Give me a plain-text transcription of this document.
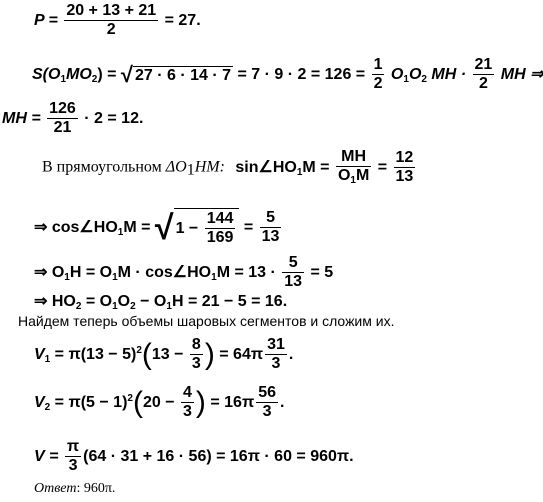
$P = \frac{20 + 13 + 21}{2} = 27$.
$S(O_1MO_2)$ = √ $27 \cdot 6 \cdot 14 \cdot 7 = 7 \cdot 9 \cdot 2 = 126 = \frac{1}{2} O_1O_2$ MH · $\frac{21}{2}$ MH ⇒
MH = $\frac{126}{21} \cdot 2 = 12$.
В прямоугольном $\Delta O_1HM$: $\sin\angle HO_1M = \frac{MH}{O_1M} = \frac{12}{13}$
⇒ $\cos\angle HO_1M$ = √ $1 - \frac{144}{169} = \frac{5}{13}$
⇒ $O_1H = O_1M$ · $\cos\angle HO_1M = 13 \cdot \frac{5}{13} = 5$
⇒ $HO_2 = O_1O_2 - O_1H = 21 - 5 = 16$.
Найдем теперь объемы шаровых сегментов и сложим их.
$V_1 = \pi(13 - 5)^2(13 - \frac{8}{3}$ ) = $64\pi \frac{31}{3}$ .
$V_2 = \pi(5 - 1)^2(20 - \frac{4}{3}$ ) = $16\pi \frac{56}{3}$ .
$V = \frac{\pi}{3} (64 \cdot 31 + 16 \cdot 56) = 16\pi \cdot 60 = 960\pi$.
Ответ: 960π.
